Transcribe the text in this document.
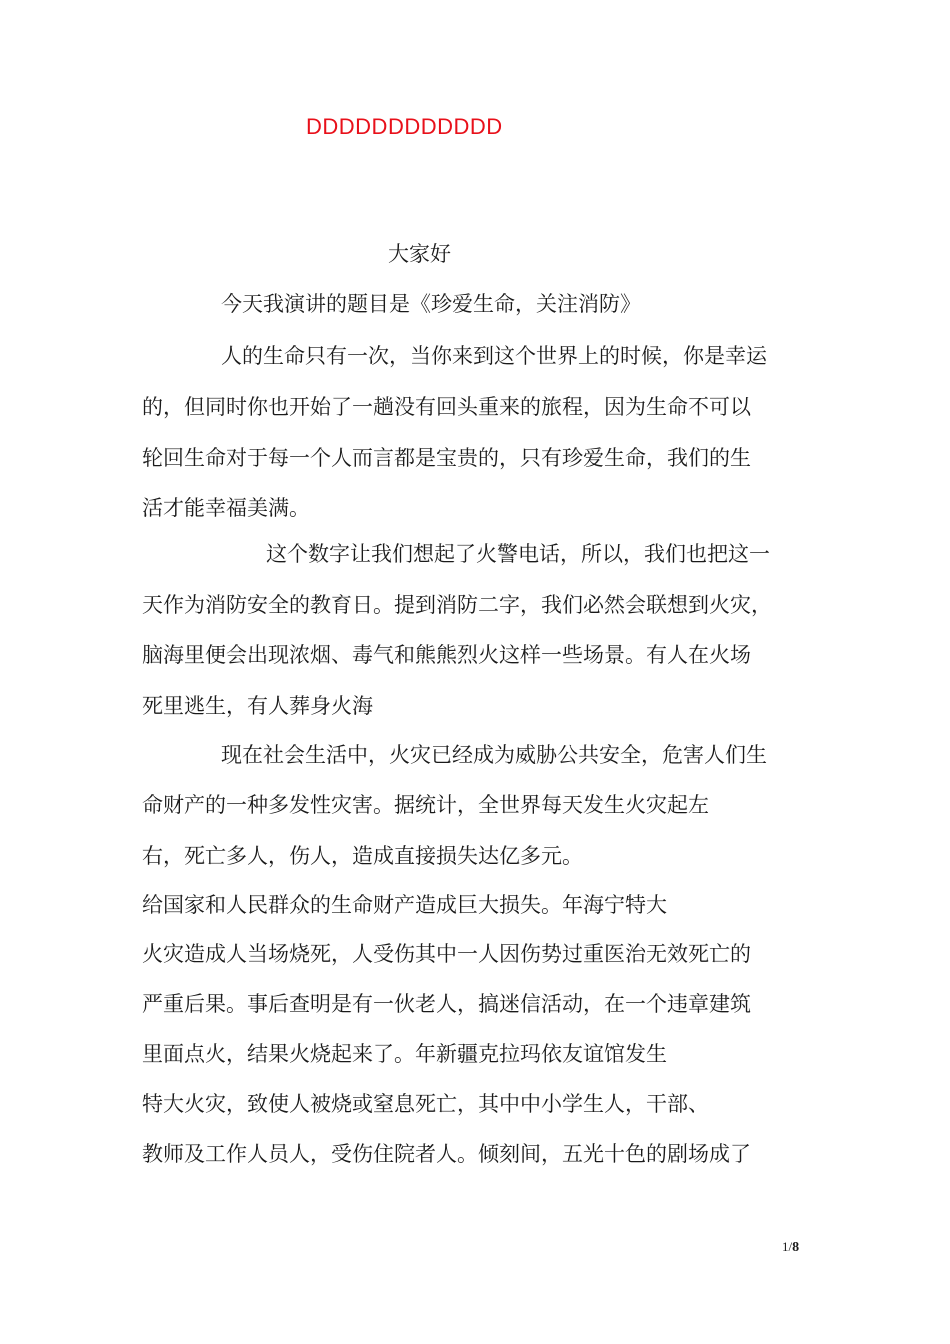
DDDDDDDDDDDD
大家好
今天我演讲的题目是《珍爱生命，关注消防》
人的生命只有一次，当你来到这个世界上的时候，你是幸运
的，但同时你也开始了一趟没有回头重来的旅程，因为生命不可以
轮回生命对于每一个人而言都是宝贵的，只有珍爱生命，我们的生
活才能幸福美满。
这个数字让我们想起了火警电话，所以，我们也把这一
天作为消防安全的教育日。提到消防二字，我们必然会联想到火灾，
脑海里便会出现浓烟、毒气和熊熊烈火这样一些场景。有人在火场
死里逃生，有人葬身火海
现在社会生活中，火灾已经成为威胁公共安全，危害人们生
命财产的一种多发性灾害。据统计，全世界每天发生火灾起左
右，死亡多人，伤人，造成直接损失达亿多元。
给国家和人民群众的生命财产造成巨大损失。年海宁特大
火灾造成人当场烧死，人受伤其中一人因伤势过重医治无效死亡的
严重后果。事后查明是有一伙老人，搞迷信活动，在一个违章建筑
里面点火，结果火烧起来了。年新疆克拉玛依友谊馆发生
特大火灾，致使人被烧或窒息死亡，其中中小学生人，干部、
教师及工作人员人，受伤住院者人。倾刻间，五光十色的剧场成了
1/8
